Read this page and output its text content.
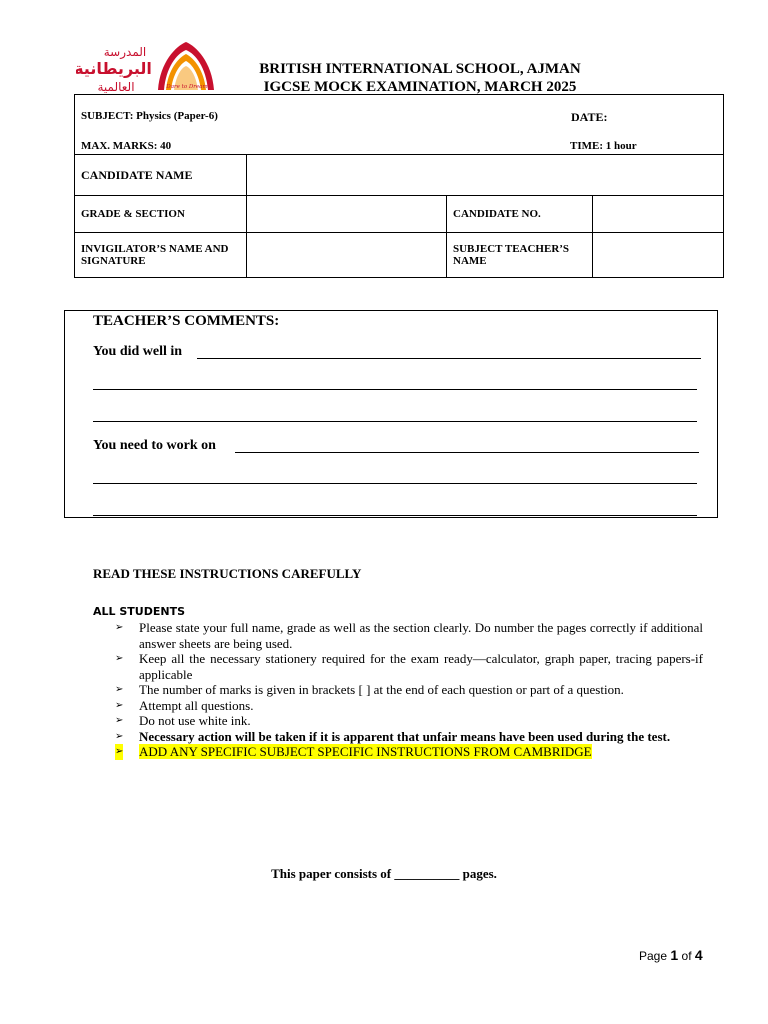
المدرسة
البريطانية
العالمية	Dare to Dream
BRITISH INTERNATIONAL SCHOOL, AJMAN
IGCSE MOCK EXAMINATION, MARCH 2025
SUBJECT: Physics (Paper-6) DATE:
MAX. MARKS: 40 TIME: 1 hour			

CANDIDATE NAME			
GRADE & SECTION		CANDIDATE NO.	
INVIGILATOR’S NAME AND SIGNATURE		SUBJECT TEACHER’S NAME	
TEACHER’S COMMENTS:
You did well in
You need to work on
READ THESE INSTRUCTIONS CAREFULLY
ALL STUDENTS
➢ Please state your full name, grade as well as the section clearly. Do number the pages correctly if additional answer sheets are being used.
➢ Keep all the necessary stationery required for the exam ready—calculator, graph paper, tracing papers-if applicable
➢ The number of marks is given in brackets [ ] at the end of each question or part of a question.
➢ Attempt all questions.
➢ Do not use white ink.
➢ Necessary action will be taken if it is apparent that unfair means have been used during the test.
➢ ADD ANY SPECIFIC SUBJECT SPECIFIC INSTRUCTIONS FROM CAMBRIDGE
This paper consists of __________ pages.
Page 1 of 4
